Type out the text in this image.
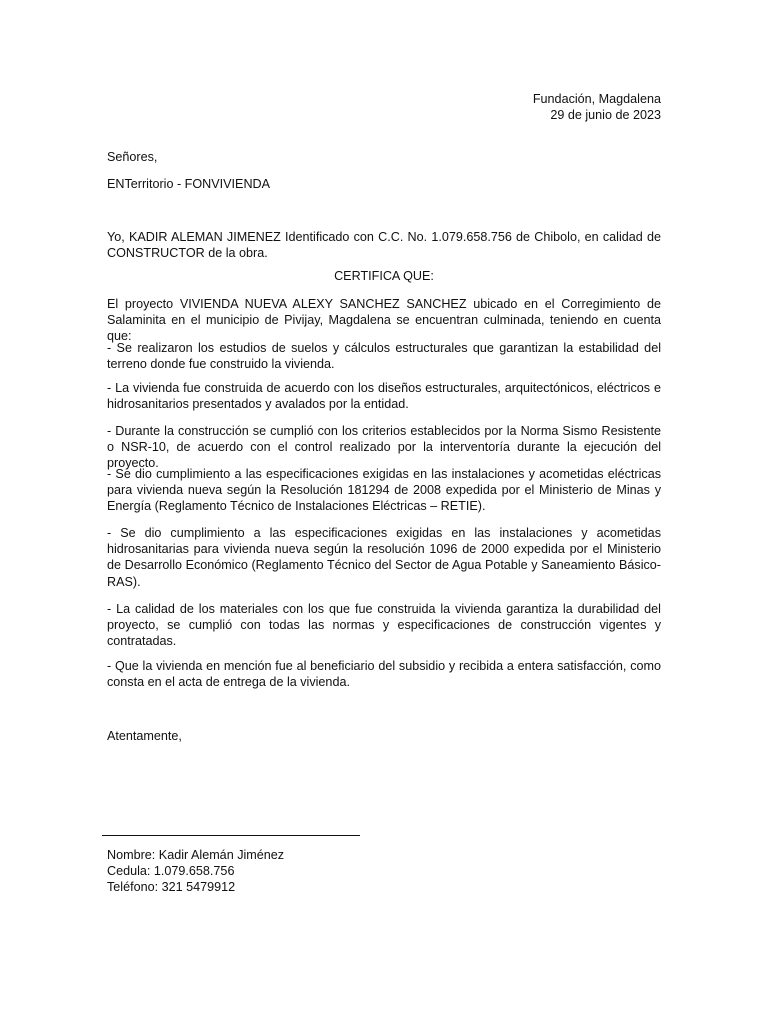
Fundación, Magdalena
29 de junio de 2023

Señores,

ENTerritorio - FONVIVIENDA

Yo, KADIR ALEMAN JIMENEZ Identificado con C.C. No. 1.079.658.756 de Chibolo, en calidad de CONSTRUCTOR de la obra.

CERTIFICA QUE:

El proyecto VIVIENDA NUEVA ALEXY SANCHEZ SANCHEZ ubicado en el Corregimiento de Salaminita en el municipio de Pivijay, Magdalena se encuentran culminada, teniendo en cuenta que:

- Se realizaron los estudios de suelos y cálculos estructurales que garantizan la estabilidad del terreno donde fue construido la vivienda.

- La vivienda fue construida de acuerdo con los diseños estructurales, arquitectónicos, eléctricos e hidrosanitarios presentados y avalados por la entidad.

- Durante la construcción se cumplió con los criterios establecidos por la Norma Sismo Resistente o NSR-10, de acuerdo con el control realizado por la interventoría durante la ejecución del proyecto.

- Se dio cumplimiento a las especificaciones exigidas en las instalaciones y acometidas eléctricas para vivienda nueva según la Resolución 181294 de 2008 expedida por el Ministerio de Minas y Energía (Reglamento Técnico de Instalaciones Eléctricas – RETIE).

- Se dio cumplimiento a las especificaciones exigidas en las instalaciones y acometidas hidrosanitarias para vivienda nueva según la resolución 1096 de 2000 expedida por el Ministerio de Desarrollo Económico (Reglamento Técnico del Sector de Agua Potable y Saneamiento Básico-RAS).

- La calidad de los materiales con los que fue construida la vivienda garantiza la durabilidad del proyecto, se cumplió con todas las normas y especificaciones de construcción vigentes y contratadas.

- Que la vivienda en mención fue al beneficiario del subsidio y recibida a entera satisfacción, como consta en el acta de entrega de la vivienda.

Atentamente,

Nombre: Kadir Alemán Jiménez
Cedula: 1.079.658.756
Teléfono: 321 5479912
